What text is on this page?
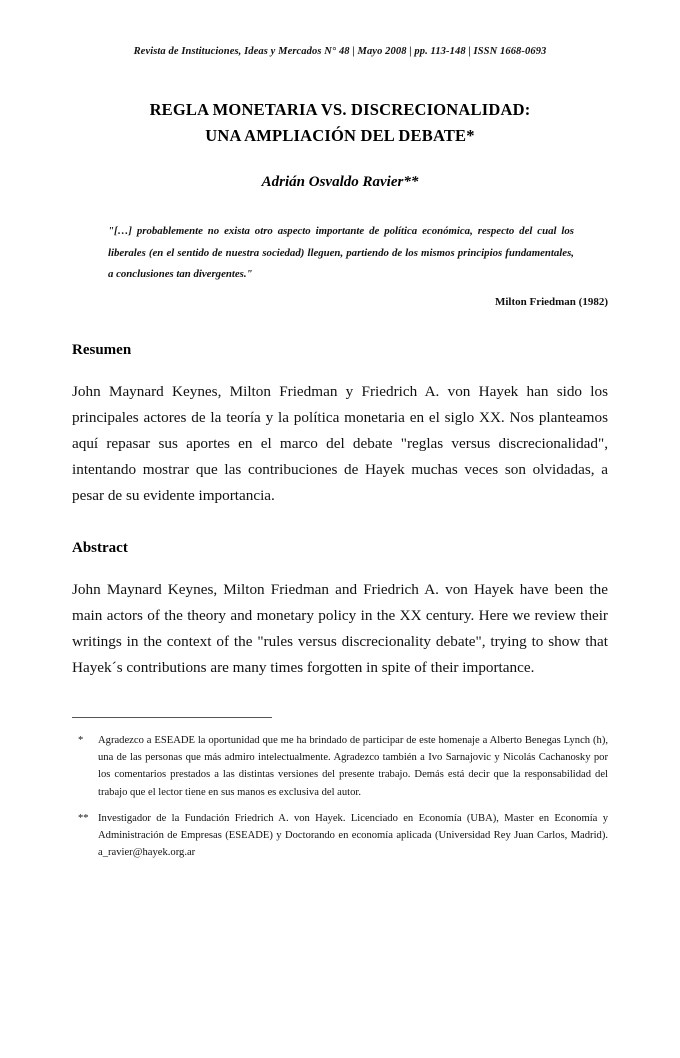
Revista de Instituciones, Ideas y Mercados N° 48 | Mayo 2008 | pp. 113-148 | ISSN 1668-0693
REGLA MONETARIA VS. DISCRECIONALIDAD:
UNA AMPLIACIÓN DEL DEBATE*
Adrián Osvaldo Ravier**
"[…] probablemente no exista otro aspecto importante de política económica, respecto del cual los liberales (en el sentido de nuestra sociedad) lleguen, partiendo de los mismos principios fundamentales, a conclusiones tan divergentes."
Milton Friedman (1982)
Resumen

John Maynard Keynes, Milton Friedman y Friedrich A. von Hayek han sido los principales actores de la teoría y la política monetaria en el siglo XX. Nos planteamos aquí repasar sus aportes en el marco del debate "reglas versus discrecionalidad", intentando mostrar que las contribuciones de Hayek muchas veces son olvidadas, a pesar de su evidente importancia.

Abstract

John Maynard Keynes, Milton Friedman and Friedrich A. von Hayek have been the main actors of the theory and monetary policy in the XX century. Here we review their writings in the context of the "rules versus discrecionality debate", trying to show that Hayek´s contributions are many times forgotten in spite of their importance.

*	Agradezco a ESEADE la oportunidad que me ha brindado de participar de este homenaje a Alberto Benegas Lynch (h), una de las personas que más admiro intelectualmente. Agradezco también a Ivo Sarnajovic y Nicolás Cachanosky por los comentarios prestados a las distintas versiones del presente trabajo. Demás está decir que la responsabilidad del trabajo que el lector tiene en sus manos es exclusiva del autor.
** Investigador de la Fundación Friedrich A. von Hayek. Licenciado en Economía (UBA), Master en Economía y Administración de Empresas (ESEADE) y Doctorando en economía aplicada (Universidad Rey Juan Carlos, Madrid). a_ravier@hayek.org.ar
